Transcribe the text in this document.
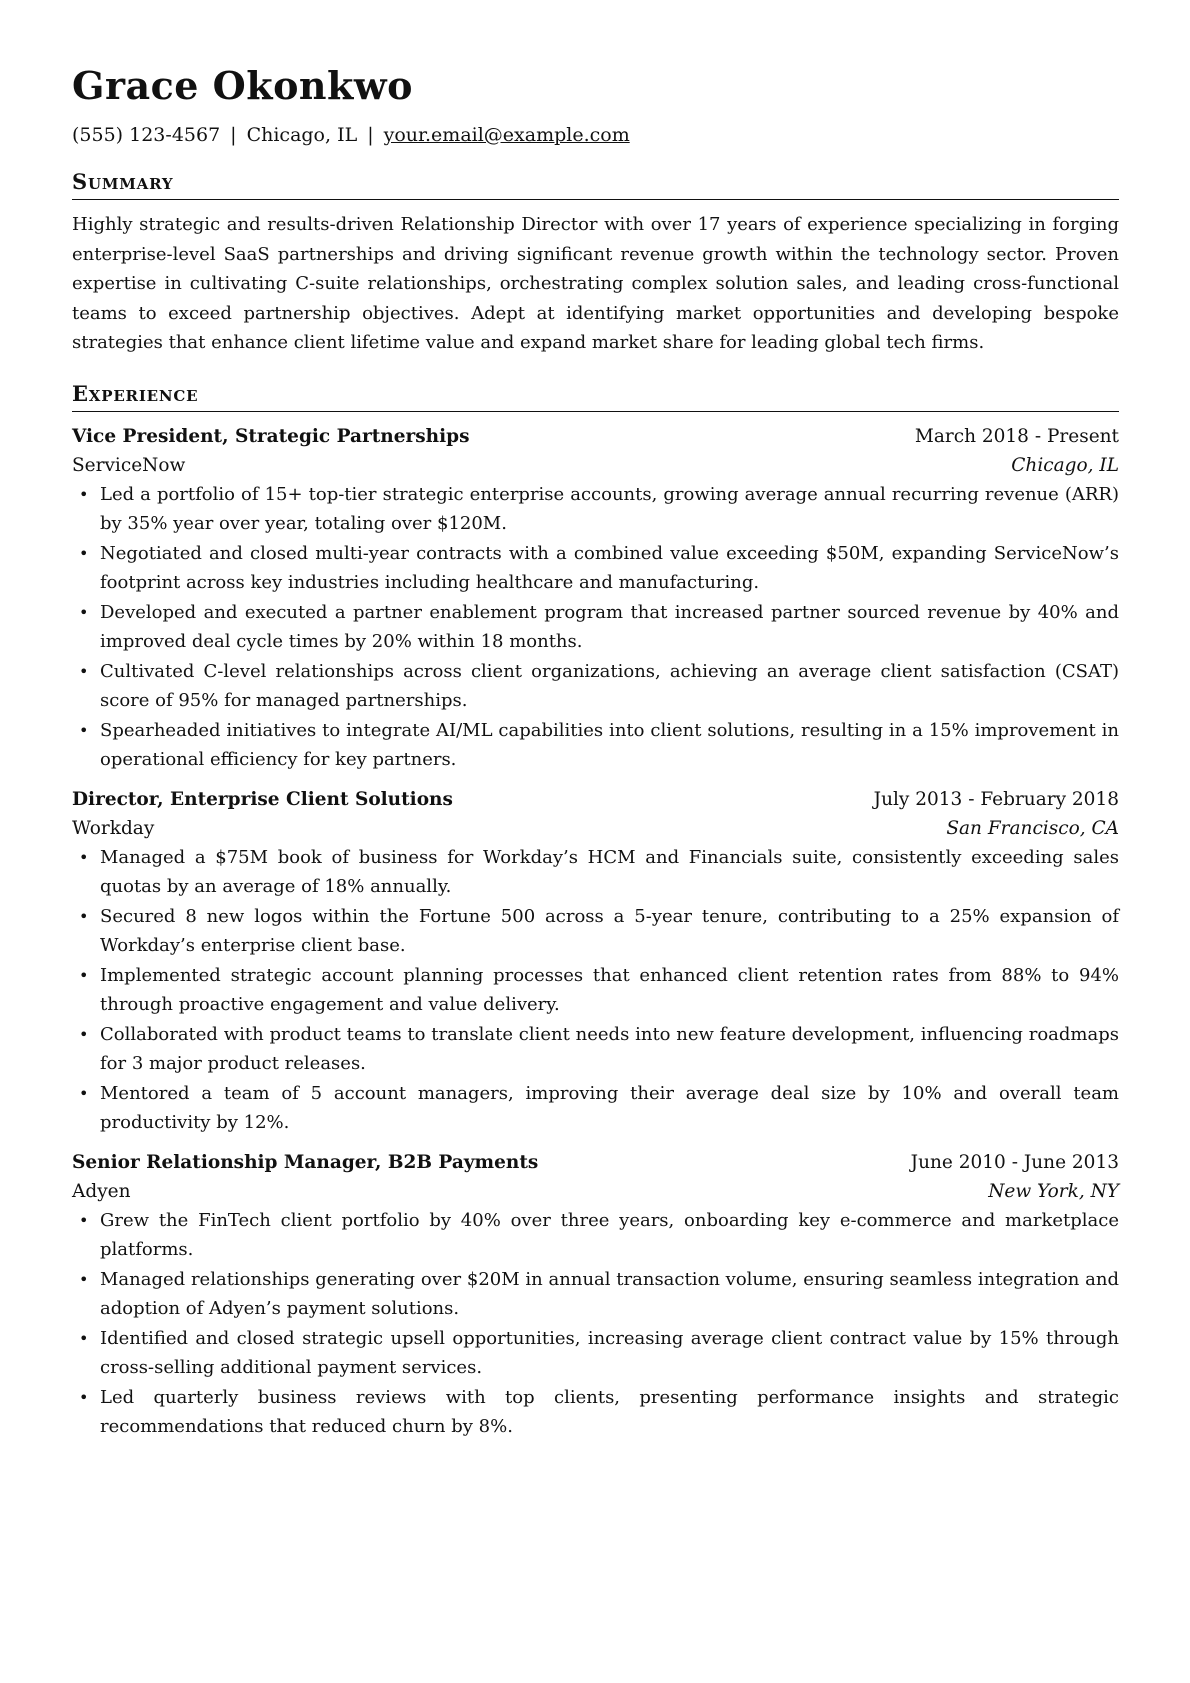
Grace Okonkwo
(555) 123-4567 | Chicago, IL | your.email@example.com
Summary

Highly strategic and results-driven Relationship Director with over 17 years of experience specializing in forging enterprise-level SaaS partnerships and driving significant revenue growth within the technology sector. Proven expertise in cultivating C-suite relationships, orchestrating complex solution sales, and leading cross-functional teams to exceed partnership objectives. Adept at identifying market opportunities and developing bespoke strategies that enhance client lifetime value and expand market share for leading global tech firms.

Experience
Vice President, Strategic Partnerships	March 2018 - Present
ServiceNow	Chicago, IL
• Led a portfolio of 15+ top-tier strategic enterprise accounts, growing average annual recurring revenue (ARR) by 35% year over year, totaling over $120M.
• Negotiated and closed multi-year contracts with a combined value exceeding $50M, expanding ServiceNow’s footprint across key industries including healthcare and manufacturing.
• Developed and executed a partner enablement program that increased partner sourced revenue by 40% and improved deal cycle times by 20% within 18 months.
• Cultivated C-level relationships across client organizations, achieving an average client satisfaction (CSAT) score of 95% for managed partnerships.
• Spearheaded initiatives to integrate AI/ML capabilities into client solutions, resulting in a 15% improvement in operational efficiency for key partners.
Director, Enterprise Client Solutions	July 2013 - February 2018
Workday	San Francisco, CA
• Managed a $75M book of business for Workday’s HCM and Financials suite, consistently exceeding sales quotas by an average of 18% annually.
• Secured 8 new logos within the Fortune 500 across a 5-year tenure, contributing to a 25% expansion of Workday’s enterprise client base.
• Implemented strategic account planning processes that enhanced client retention rates from 88% to 94% through proactive engagement and value delivery.
• Collaborated with product teams to translate client needs into new feature development, influencing roadmaps for 3 major product releases.
• Mentored a team of 5 account managers, improving their average deal size by 10% and overall team productivity by 12%.
Senior Relationship Manager, B2B Payments	June 2010 - June 2013
Adyen	New York, NY
• Grew the FinTech client portfolio by 40% over three years, onboarding key e-commerce and marketplace platforms.
• Managed relationships generating over $20M in annual transaction volume, ensuring seamless integration and adoption of Adyen’s payment solutions.
• Identified and closed strategic upsell opportunities, increasing average client contract value by 15% through cross-selling additional payment services.
• Led quarterly business reviews with top clients, presenting performance insights and strategic recommendations that reduced churn by 8%.
